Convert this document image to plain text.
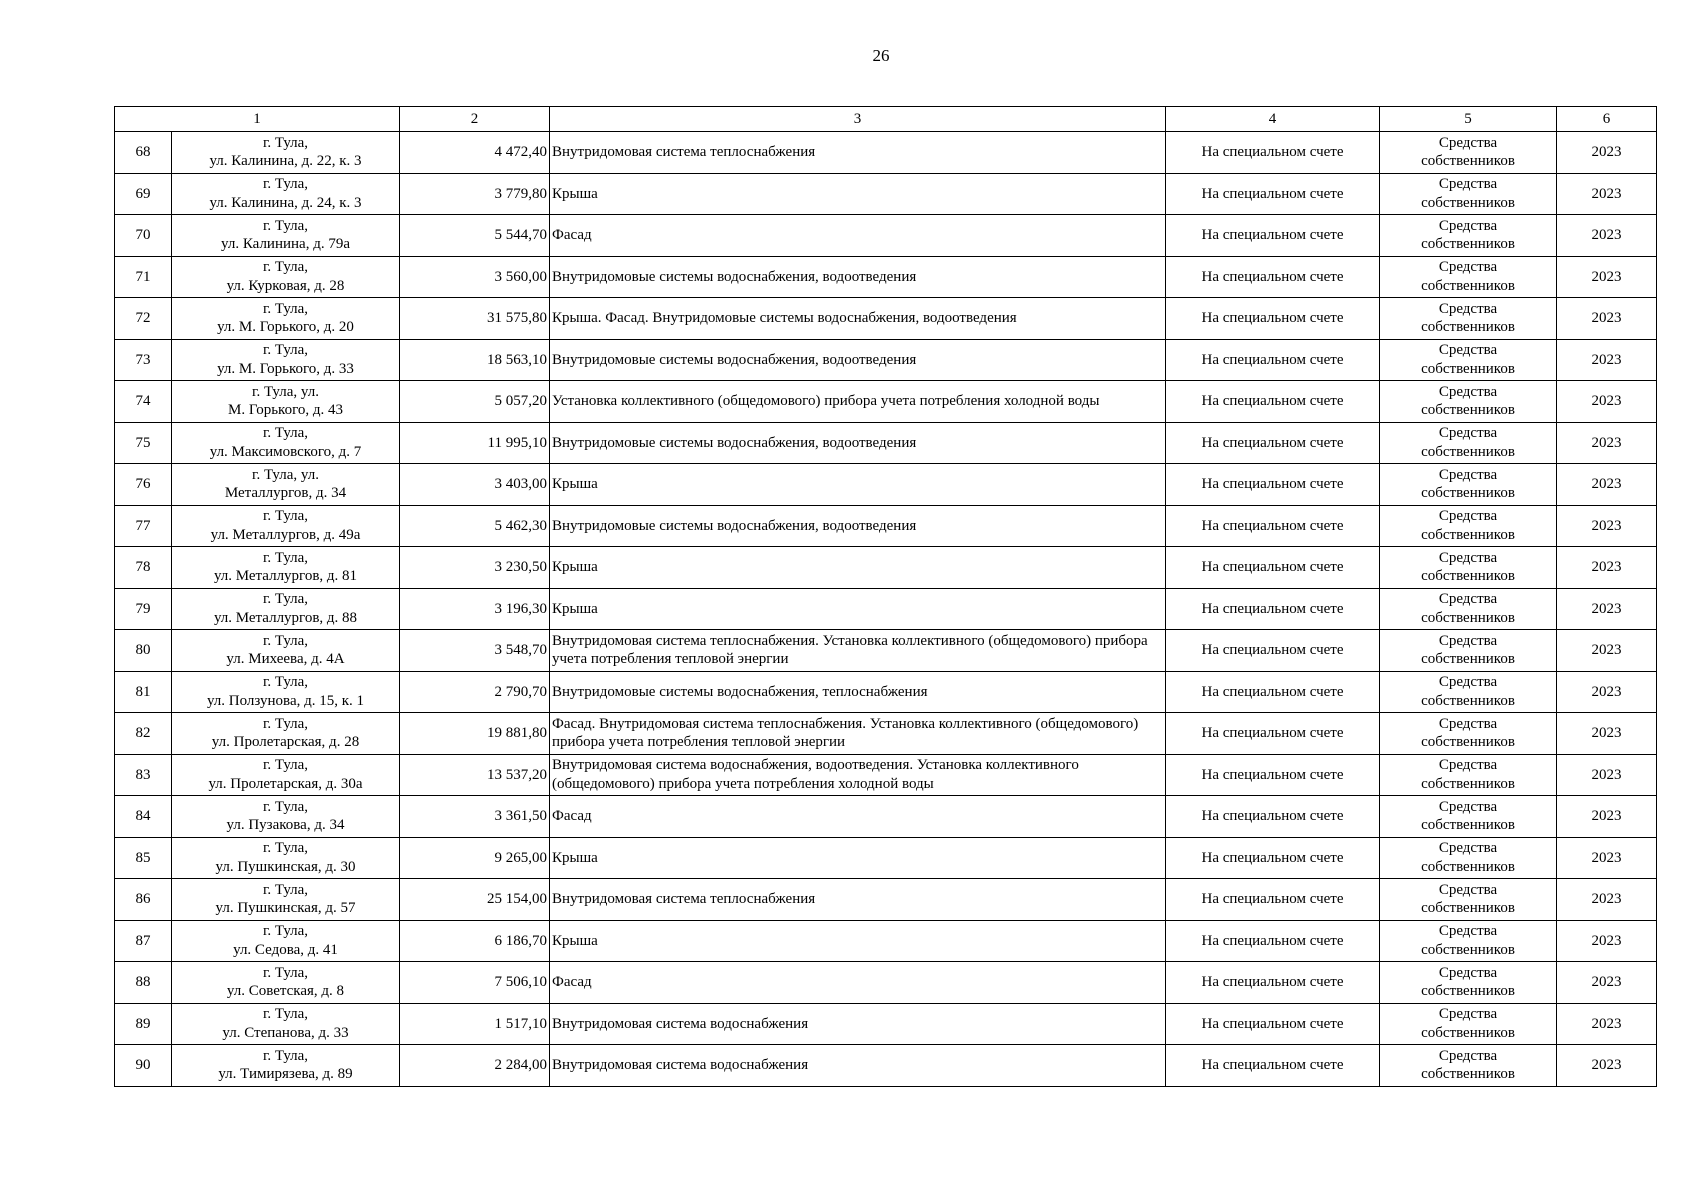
26
1		2	3	4	5	6
68	г. Тула,
ул. Калинина, д. 22, к. 3	4 472,40	Внутридомовая система теплоснабжения	На специальном счете	Средства
собственников	2023
69	г. Тула,
ул. Калинина, д. 24, к. 3	3 779,80	Крыша	На специальном счете	Средства
собственников	2023
70	г. Тула,
ул. Калинина, д. 79а	5 544,70	Фасад	На специальном счете	Средства
собственников	2023
71	г. Тула,
ул. Курковая, д. 28	3 560,00	Внутридомовые системы водоснабжения, водоотведения	На специальном счете	Средства
собственников	2023
72	г. Тула,
ул. М. Горького, д. 20	31 575,80	Крыша. Фасад. Внутридомовые системы водоснабжения, водоотведения	На специальном счете	Средства
собственников	2023
73	г. Тула,
ул. М. Горького, д. 33	18 563,10	Внутридомовые системы водоснабжения, водоотведения	На специальном счете	Средства
собственников	2023
74	г. Тула, ул.
М. Горького, д. 43	5 057,20	Установка коллективного (общедомового) прибора учета потребления холодной воды	На специальном счете	Средства
собственников	2023
75	г. Тула,
ул. Максимовского, д. 7	11 995,10	Внутридомовые системы водоснабжения, водоотведения	На специальном счете	Средства
собственников	2023
76	г. Тула, ул.
Металлургов, д. 34	3 403,00	Крыша	На специальном счете	Средства
собственников	2023
77	г. Тула,
ул. Металлургов, д. 49а	5 462,30	Внутридомовые системы водоснабжения, водоотведения	На специальном счете	Средства
собственников	2023
78	г. Тула,
ул. Металлургов, д. 81	3 230,50	Крыша	На специальном счете	Средства
собственников	2023
79	г. Тула,
ул. Металлургов, д. 88	3 196,30	Крыша	На специальном счете	Средства
собственников	2023
80	г. Тула,
ул. Михеева, д. 4А	3 548,70	Внутридомовая система теплоснабжения. Установка коллективного (общедомового) прибора учета потребления тепловой энергии	На специальном счете	Средства
собственников	2023
81	г. Тула,
ул. Ползунова, д. 15, к. 1	2 790,70	Внутридомовые системы водоснабжения, теплоснабжения	На специальном счете	Средства
собственников	2023
82	г. Тула,
ул. Пролетарская, д. 28	19 881,80	Фасад. Внутридомовая система теплоснабжения. Установка коллективного (общедомового) прибора учета потребления тепловой энергии	На специальном счете	Средства
собственников	2023
83	г. Тула,
ул. Пролетарская, д. 30а	13 537,20	Внутридомовая система водоснабжения, водоотведения. Установка коллективного (общедомового) прибора учета потребления холодной воды	На специальном счете	Средства
собственников	2023
84	г. Тула,
ул. Пузакова, д. 34	3 361,50	Фасад	На специальном счете	Средства
собственников	2023
85	г. Тула,
ул. Пушкинская, д. 30	9 265,00	Крыша	На специальном счете	Средства
собственников	2023
86	г. Тула,
ул. Пушкинская, д. 57	25 154,00	Внутридомовая система теплоснабжения	На специальном счете	Средства
собственников	2023
87	г. Тула,
ул. Седова, д. 41	6 186,70	Крыша	На специальном счете	Средства
собственников	2023
88	г. Тула,
ул. Советская, д. 8	7 506,10	Фасад	На специальном счете	Средства
собственников	2023
89	г. Тула,
ул. Степанова, д. 33	1 517,10	Внутридомовая система водоснабжения	На специальном счете	Средства
собственников	2023
90	г. Тула,
ул. Тимирязева, д. 89	2 284,00	Внутридомовая система водоснабжения	На специальном счете	Средства
собственников	2023
